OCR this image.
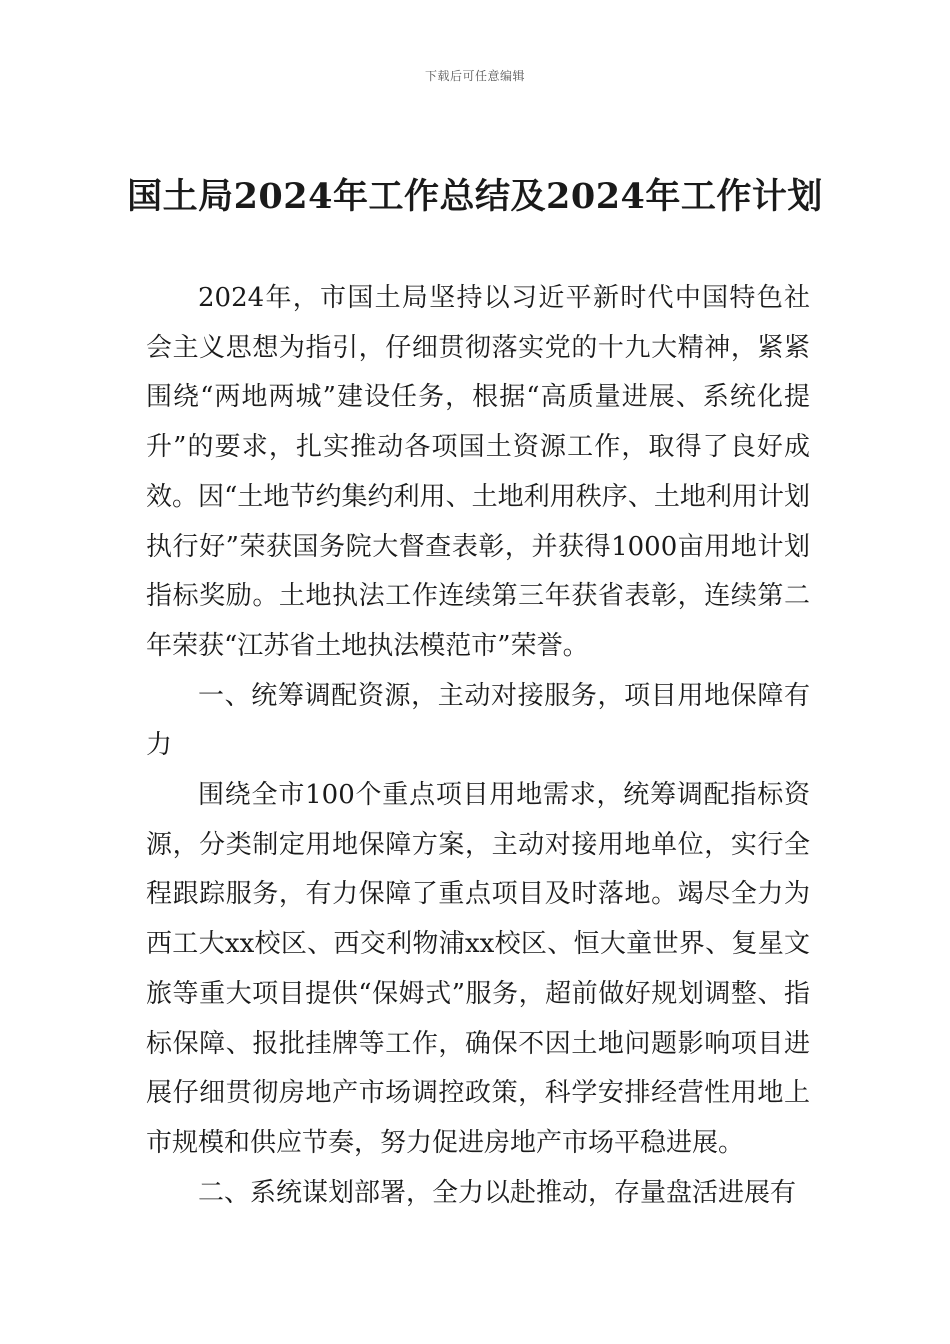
下载后可任意编辑
国土局2024年工作总结及2024年工作计划

2024年，市国土局坚持以习近平新时代中国特色社会主义思想为指引，仔细贯彻落实党的十九大精神，紧紧围绕“两地两城”建设任务，根据“高质量进展、系统化提升”的要求，扎实推动各项国土资源工作，取得了良好成效。因“土地节约集约利用、土地利用秩序、土地利用计划执行好”荣获国务院大督查表彰，并获得1000亩用地计划指标奖励。土地执法工作连续第三年获省表彰，连续第二年荣获“江苏省土地执法模范市”荣誉。

一、统筹调配资源，主动对接服务，项目用地保障有力

围绕全市100个重点项目用地需求，统筹调配指标资源，分类制定用地保障方案，主动对接用地单位，实行全程跟踪服务，有力保障了重点项目及时落地。竭尽全力为西工大xx校区、西交利物浦xx校区、恒大童世界、复星文旅等重大项目提供“保姆式”服务，超前做好规划调整、指标保障、报批挂牌等工作，确保不因土地问题影响项目进展仔细贯彻房地产市场调控政策，科学安排经营性用地上市规模和供应节奏，努力促进房地产市场平稳进展。

二、系统谋划部署，全力以赴推动，存量盘活进展有
